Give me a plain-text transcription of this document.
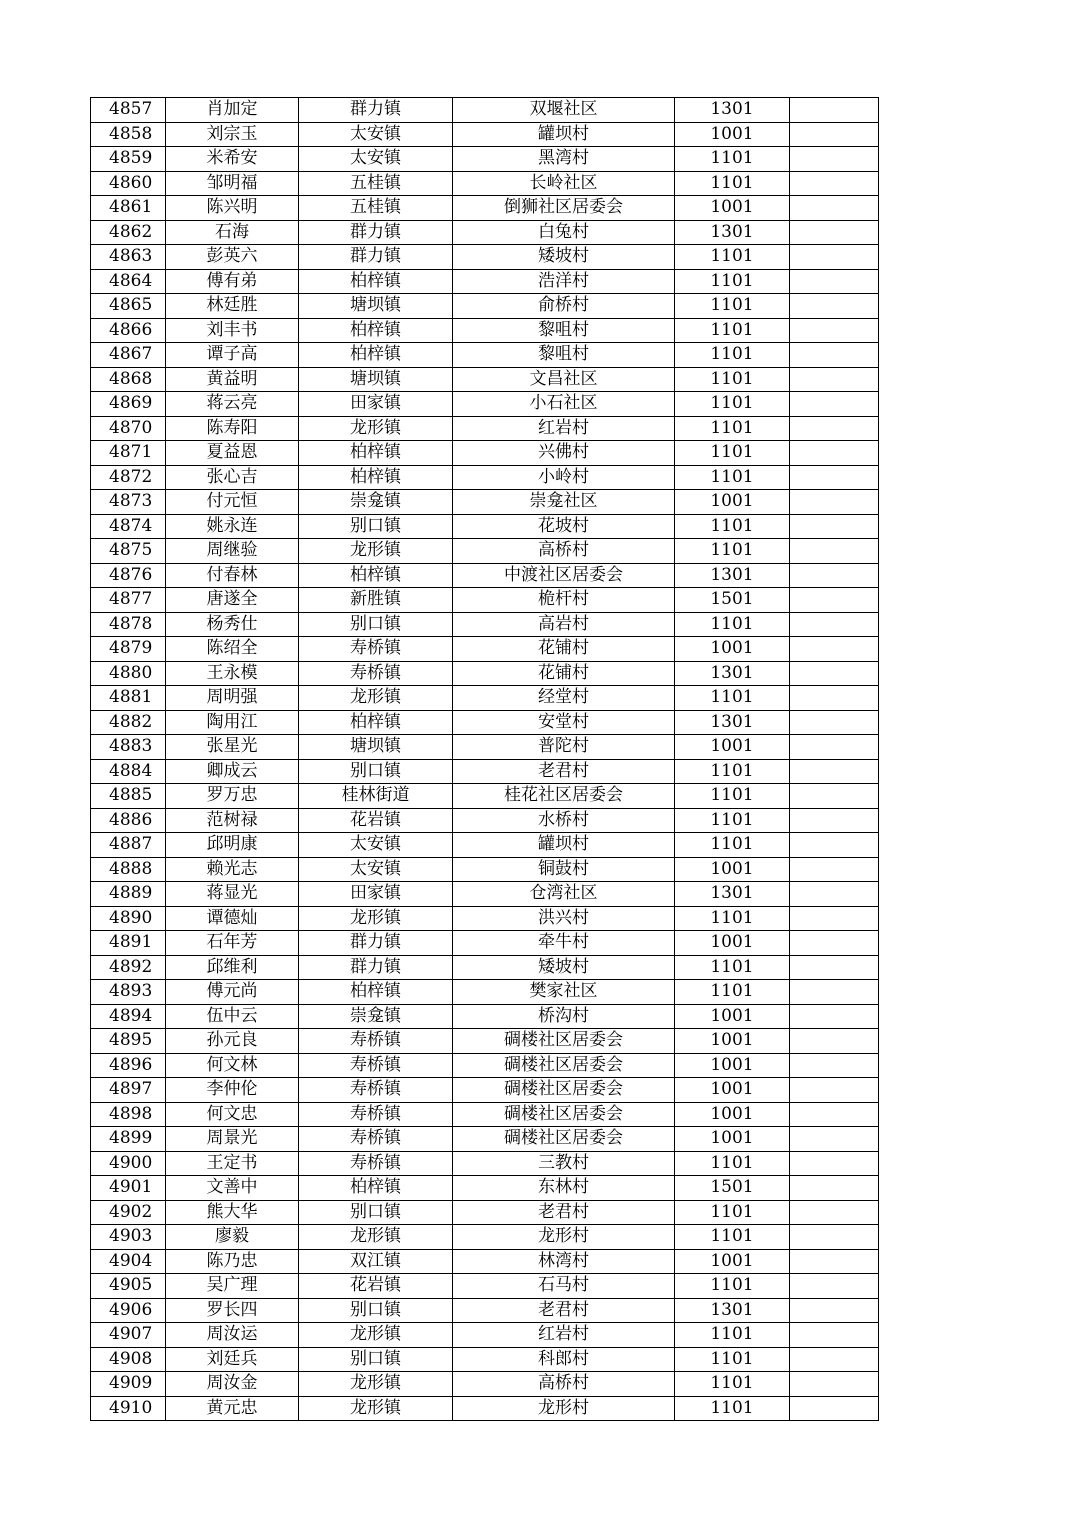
4857	肖加定	群力镇	双堰社区	1301	
4858	刘宗玉	太安镇	罐坝村	1001	
4859	米希安	太安镇	黑湾村	1101	
4860	邹明福	五桂镇	长岭社区	1101	
4861	陈兴明	五桂镇	倒狮社区居委会	1001	
4862	石海	群力镇	白兔村	1301	
4863	彭英六	群力镇	矮坡村	1101	
4864	傅有弟	柏梓镇	浩洋村	1101	
4865	林廷胜	塘坝镇	俞桥村	1101	
4866	刘丰书	柏梓镇	黎咀村	1101	
4867	谭子高	柏梓镇	黎咀村	1101	
4868	黄益明	塘坝镇	文昌社区	1101	
4869	蒋云亮	田家镇	小石社区	1101	
4870	陈寿阳	龙形镇	红岩村	1101	
4871	夏益恩	柏梓镇	兴佛村	1101	
4872	张心吉	柏梓镇	小岭村	1101	
4873	付元恒	崇龛镇	崇龛社区	1001	
4874	姚永连	别口镇	花坡村	1101	
4875	周继验	龙形镇	高桥村	1101	
4876	付春林	柏梓镇	中渡社区居委会	1301	
4877	唐遂全	新胜镇	桅杆村	1501	
4878	杨秀仕	别口镇	高岩村	1101	
4879	陈绍全	寿桥镇	花铺村	1001	
4880	王永模	寿桥镇	花铺村	1301	
4881	周明强	龙形镇	经堂村	1101	
4882	陶用江	柏梓镇	安堂村	1301	
4883	张星光	塘坝镇	普陀村	1001	
4884	卿成云	别口镇	老君村	1101	
4885	罗万忠	桂林街道	桂花社区居委会	1101	
4886	范树禄	花岩镇	水桥村	1101	
4887	邱明康	太安镇	罐坝村	1101	
4888	赖光志	太安镇	铜鼓村	1001	
4889	蒋显光	田家镇	仓湾社区	1301	
4890	谭德灿	龙形镇	洪兴村	1101	
4891	石年芳	群力镇	牵牛村	1001	
4892	邱维利	群力镇	矮坡村	1101	
4893	傅元尚	柏梓镇	樊家社区	1101	
4894	伍中云	崇龛镇	桥沟村	1001	
4895	孙元良	寿桥镇	碉楼社区居委会	1001	
4896	何文林	寿桥镇	碉楼社区居委会	1001	
4897	李仲伦	寿桥镇	碉楼社区居委会	1001	
4898	何文忠	寿桥镇	碉楼社区居委会	1001	
4899	周景光	寿桥镇	碉楼社区居委会	1001	
4900	王定书	寿桥镇	三教村	1101	
4901	文善中	柏梓镇	东林村	1501	
4902	熊大华	别口镇	老君村	1101	
4903	廖毅	龙形镇	龙形村	1101	
4904	陈乃忠	双江镇	林湾村	1001	
4905	吴广理	花岩镇	石马村	1101	
4906	罗长四	别口镇	老君村	1301	
4907	周汝运	龙形镇	红岩村	1101	
4908	刘廷兵	别口镇	科郎村	1101	
4909	周汝金	龙形镇	高桥村	1101	
4910	黄元忠	龙形镇	龙形村	1101	
